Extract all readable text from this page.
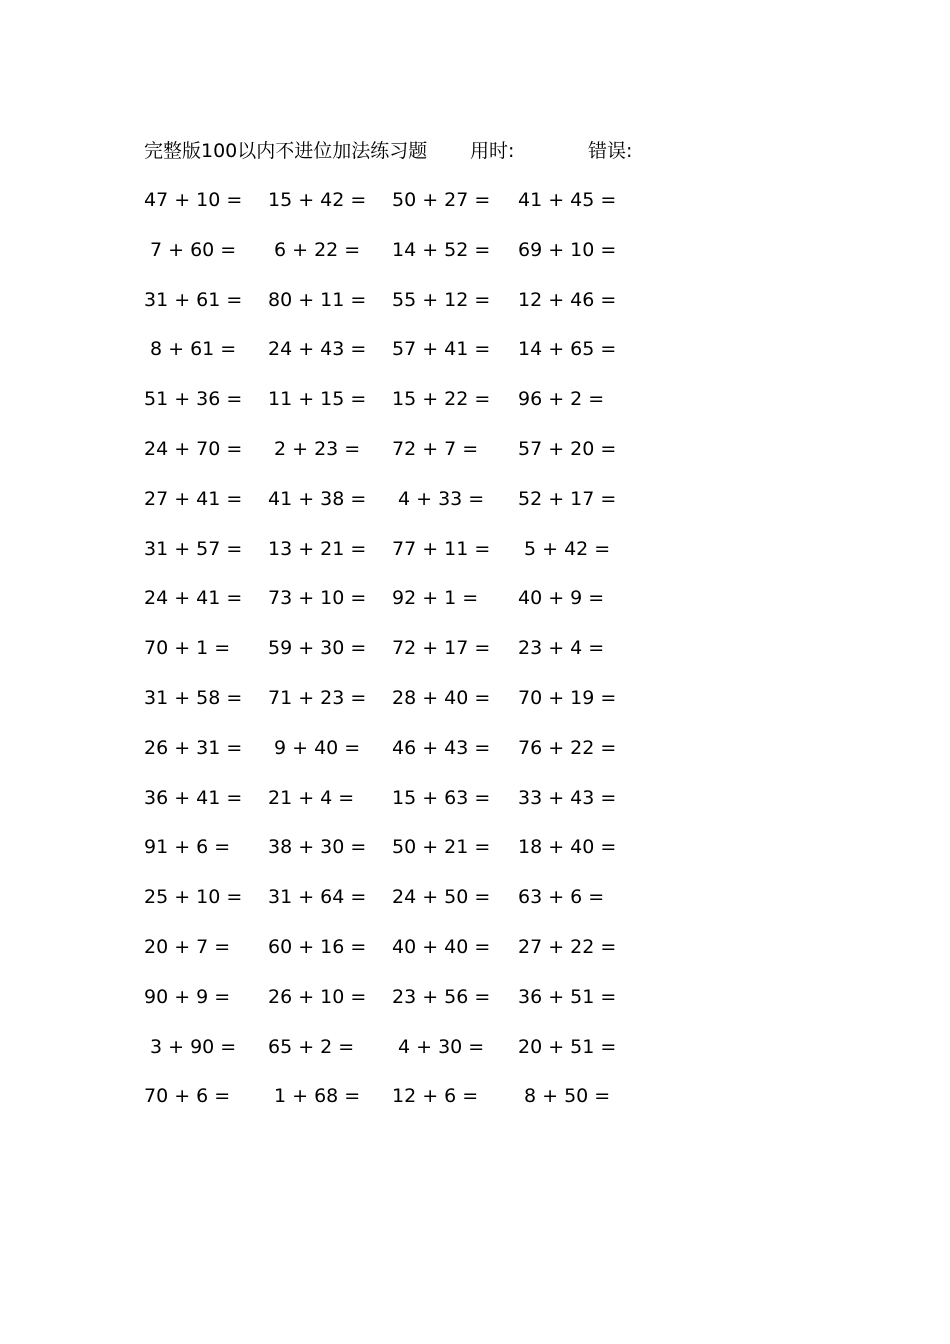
完整版100以内不进位加法练习题 用时:	错误:
47 + 10 = 15 + 42 = 50 + 27 = 41 + 45 =
7 + 60 = 6 + 22 = 14 + 52 = 69 + 10 =
31 + 61 = 80 + 11 = 55 + 12 = 12 + 46 =
8 + 61 = 24 + 43 = 57 + 41 = 14 + 65 =
51 + 36 = 11 + 15 = 15 + 22 = 96 + 2 =
24 + 70 = 2 + 23 = 72 + 7 = 57 + 20 =
27 + 41 = 41 + 38 = 4 + 33 = 52 + 17 =
31 + 57 = 13 + 21 = 77 + 11 = 5 + 42 =
24 + 41 = 73 + 10 = 92 + 1 = 40 + 9 =
70 + 1 = 59 + 30 = 72 + 17 = 23 + 4 =
31 + 58 = 71 + 23 = 28 + 40 = 70 + 19 =
26 + 31 = 9 + 40 = 46 + 43 = 76 + 22 =
36 + 41 = 21 + 4 = 15 + 63 = 33 + 43 =
91 + 6 = 38 + 30 = 50 + 21 = 18 + 40 =
25 + 10 = 31 + 64 = 24 + 50 = 63 + 6 =
20 + 7 = 60 + 16 = 40 + 40 = 27 + 22 =
90 + 9 = 26 + 10 = 23 + 56 = 36 + 51 =
3 + 90 = 65 + 2 = 4 + 30 = 20 + 51 =
70 + 6 = 1 + 68 = 12 + 6 = 8 + 50 =
